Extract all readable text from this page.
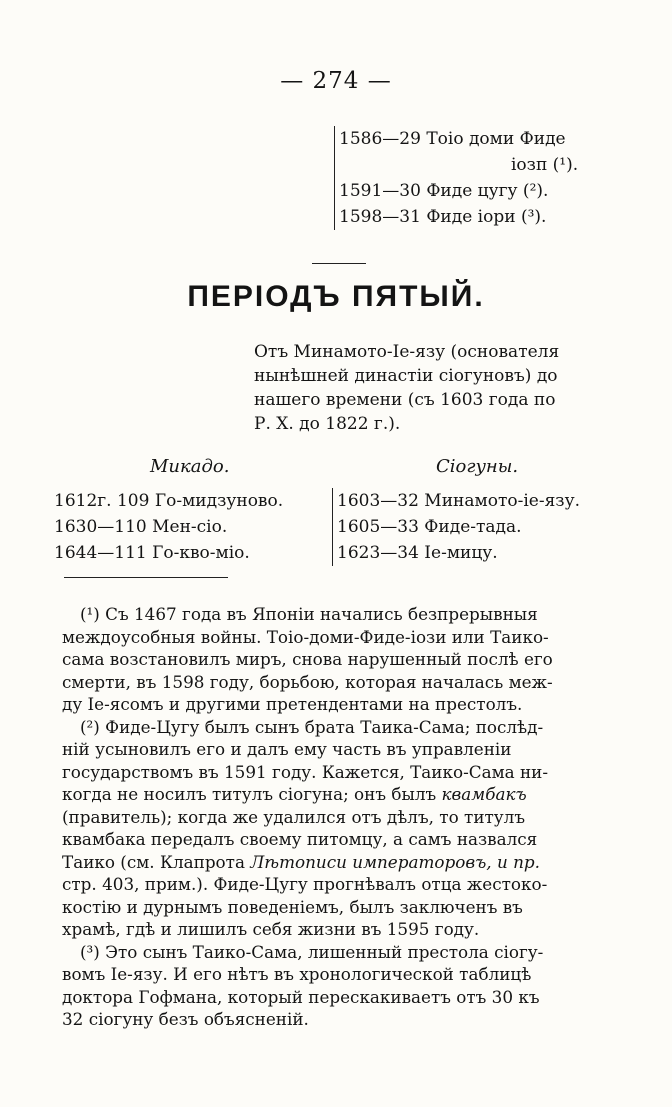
— 274 —
1586—29 Тоіо доми Фиде
іозп (¹).
1591—30 Фиде цугу (²).
1598—31 Фиде іори (³).
ПЕРІОДЪ ПЯТЫЙ.
Отъ Минамото-Іе-язу (основателя
нынѣшней династіи сіогуновъ) до
нашего времени (съ 1603 года по
Р. Х. до 1822 г.).
Микадо.	Сіогуны.
1612г. 109 Го-мидзуново.
1630—110 Мен-сіо.
1644—111 Го-кво-міо.
1603—32 Минамото-іе-язу.
1605—33 Фиде-тада.
1623—34 Іе-мицу.

(¹) Съ 1467 года въ Японіи начались безпрерывныя

междоусобныя войны. Тоіо-доми-Фиде-іози или Таико-

сама возстановилъ миръ, снова нарушенный послѣ его

смерти, въ 1598 году, борьбою, которая началась меж-

ду Іе-ясомъ и другими претендентами на престолъ.

(²) Фиде-Цугу былъ сынъ брата Таика-Сама; послѣд-

ній усыновилъ его и далъ ему часть въ управленіи

государствомъ въ 1591 году. Кажется, Таико-Сама ни-

когда не носилъ титулъ сіогуна; онъ былъ квамбакъ

(правитель); когда же удалился отъ дѣлъ, то титулъ

квамбака передалъ своему питомцу, а самъ назвался

Таико (см. Клапрота Лѣтописи императоровъ, и пр.

стр. 403, прим.). Фиде-Цугу прогнѣвалъ отца жестоко-

костію и дурнымъ поведеніемъ, былъ заключенъ въ

храмѣ, гдѣ и лишилъ себя жизни въ 1595 году.

(³) Это сынъ Таико-Сама, лишенный престола сіогу-

вомъ Іе-язу. И его нѣтъ въ хронологической таблицѣ

доктора Гофмана, который перескакиваетъ отъ 30 къ

32 сіогуну безъ объясненій.
